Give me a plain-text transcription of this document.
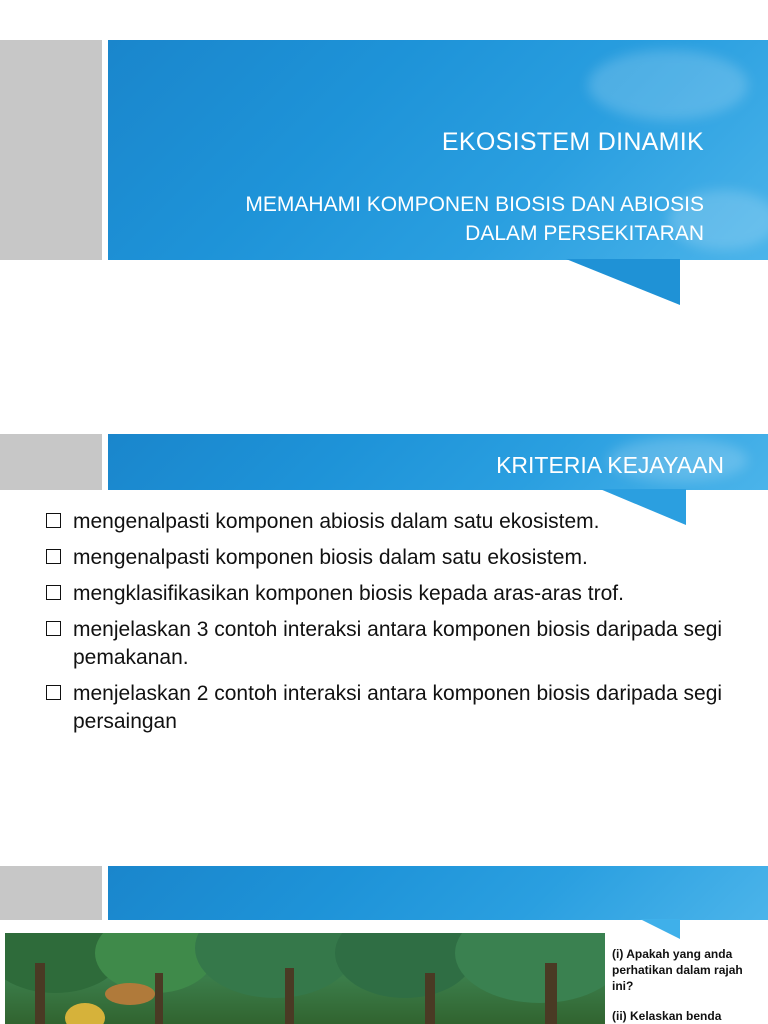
EKOSISTEM DINAMIK
MEMAHAMI KOMPONEN BIOSIS DAN ABIOSIS
DALAM PERSEKITARAN
KRITERIA KEJAYAAN
mengenalpasti komponen abiosis dalam satu ekosistem.
mengenalpasti komponen biosis dalam satu ekosistem.
mengklasifikasikan komponen biosis kepada aras-aras trof.
menjelaskan 3 contoh interaksi antara komponen biosis daripada segi pemakanan.
menjelaskan 2 contoh interaksi antara komponen biosis daripada segi persaingan

(i) Apakah yang anda perhatikan dalam rajah ini?

(ii) Kelaskan benda
